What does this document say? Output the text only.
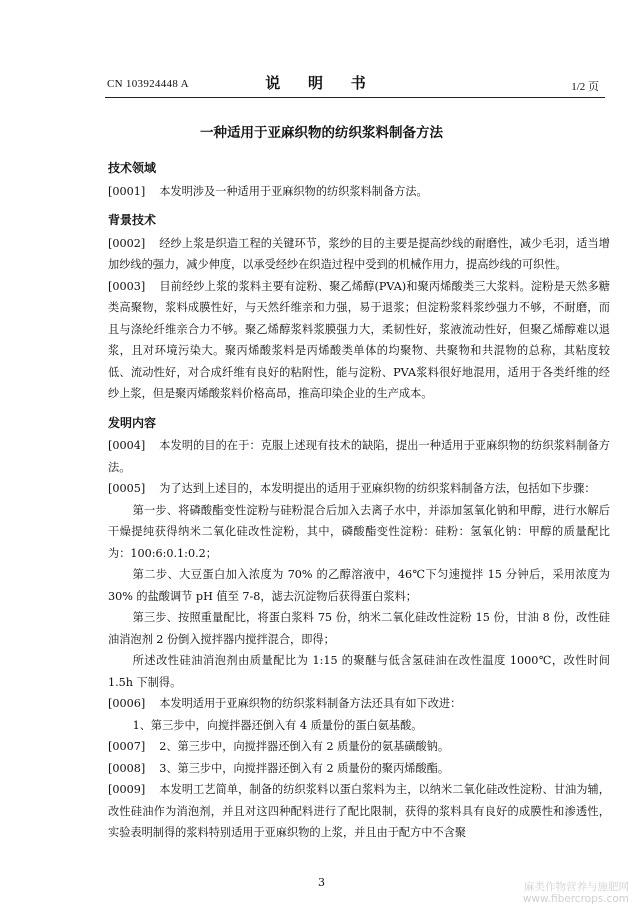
CN 103924448 A	说 明 书	1/2 页
一种适用于亚麻织物的纺织浆料制备方法
技术领域
[0001] 本发明涉及一种适用于亚麻织物的纺织浆料制备方法。
背景技术
[0002] 经纱上浆是织造工程的关键环节，浆纱的目的主要是提高纱线的耐磨性，减少毛羽，适当增加纱线的强力，减少伸度，以承受经纱在织造过程中受到的机械作用力，提高纱线的可织性。
[0003] 目前经纱上浆的浆料主要有淀粉、聚乙烯醇(PVA)和聚丙烯酸类三大浆料。淀粉是天然多糖类高聚物，浆料成膜性好，与天然纤维亲和力强，易于退浆；但淀粉浆料浆纱强力不够，不耐磨，而且与涤纶纤维亲合力不够。聚乙烯醇浆料浆膜强力大，柔韧性好，浆液流动性好，但聚乙烯醇难以退浆，且对环境污染大。聚丙烯酸浆料是丙烯酸类单体的均聚物、共聚物和共混物的总称，其粘度较低、流动性好，对合成纤维有良好的粘附性，能与淀粉、PVA浆料很好地混用，适用于各类纤维的经纱上浆，但是聚丙烯酸浆料价格高昂，推高印染企业的生产成本。
发明内容
[0004] 本发明的目的在于：克服上述现有技术的缺陷，提出一种适用于亚麻织物的纺织浆料制备方法。
[0005] 为了达到上述目的，本发明提出的适用于亚麻织物的纺织浆料制备方法，包括如下步骤：
第一步、将磷酸酯变性淀粉与硅粉混合后加入去离子水中，并添加氢氧化钠和甲醇，进行水解后干燥提纯获得纳米二氧化硅改性淀粉，其中，磷酸酯变性淀粉：硅粉：氢氧化钠：甲醇的质量配比为：100:6:0.1:0.2；
第二步、大豆蛋白加入浓度为 70% 的乙醇溶液中，46℃下匀速搅拌 15 分钟后，采用浓度为 30% 的盐酸调节 pH 值至 7-8，滤去沉淀物后获得蛋白浆料；
第三步、按照重量配比，将蛋白浆料 75 份，纳米二氧化硅改性淀粉 15 份，甘油 8 份，改性硅油消泡剂 2 份倒入搅拌器内搅拌混合，即得；
所述改性硅油消泡剂由质量配比为 1:15 的聚醚与低含氢硅油在改性温度 1000℃，改性时间 1.5h 下制得。
[0006] 本发明适用于亚麻织物的纺织浆料制备方法还具有如下改进：
1、第三步中，向搅拌器还倒入有 4 质量份的蛋白氨基酸。
[0007] 2、第三步中，向搅拌器还倒入有 2 质量份的氨基磺酸钠。
[0008] 3、第三步中，向搅拌器还倒入有 2 质量份的聚丙烯酸酯。
[0009] 本发明工艺简单，制备的纺织浆料以蛋白浆料为主，以纳米二氧化硅改性淀粉、甘油为辅，改性硅油作为消泡剂，并且对这四种配料进行了配比限制，获得的浆料具有良好的成膜性和渗透性，实验表明制得的浆料特别适用于亚麻织物的上浆，并且由于配方中不含聚
3	麻类作物营养与施肥网
www.fibercrops.com
